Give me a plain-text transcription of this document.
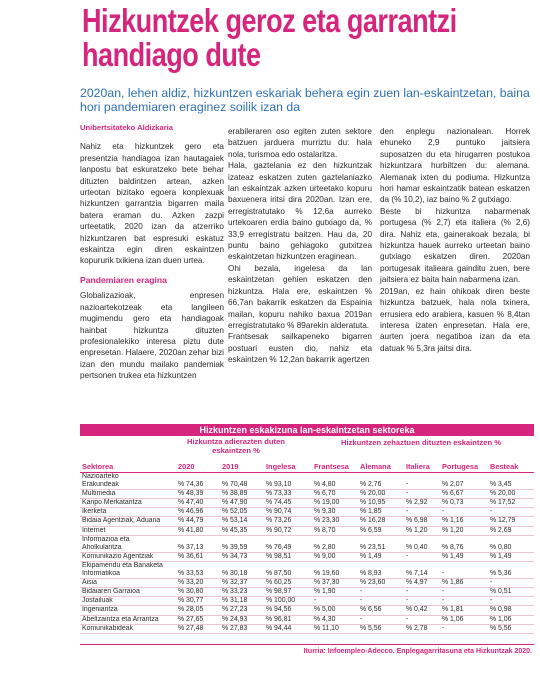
Hizkuntzek geroz eta garrantzi
handiago dute
2020an, lehen aldiz, hizkuntzen eskariak behera egin zuen lan-eskaintzetan, baina hori pandemiaren eraginez soilik izan da

Unibertsitateko Aldizkaria

Nahiz eta hizkuntzek gero eta presentzia handiagoa izan hautagaiek lanpostu bat eskuratzeko bete behar dituzten baldintzen artean, azken urteotan bizitako egoera konplexuak hizkuntzen garrantzia bigarren maila batera eraman du. Azken zazpi urteetatik, 2020 izan da atzerriko hizkuntzaren bat espresuki eskatuz eskaintza egin diren eskaintzen kopururik txikiena izan duen urtea.

Pandemiaren eragina

Globalizazioak, enpresen nazioartekotzeak eta langileen mugimendu gero eta handiagoak hainbat hizkuntza dituzten profesionalekiko interesa piztu dute enpresetan. Halaere, 2020an zehar bizi izan den mundu mailako pandemiak pertsonen trukea eta hizkuntzen

erabileraren oso egiten zuten sektore batzuen jarduera murriztu du: hala nola, turismoa edo ostalaritza.

Hala, gaztelania ez den hizkuntzak izateaz eskatzen zuten gaztelaniazko lan eskaintzak azken urteetako kopuru baxuenera iritsi dira 2020an. Izan ere, erregistratutako % 12,6a aurreko urtekoaren erdia baino gutxiago da, % 33,9 erregistratu baitzen. Hau da, 20 puntu baino gehiagoko gutxitzea eskaintzetan hizkuntzen eraginean.

Ohi bezala, ingelesa da lan eskaintzetan gehien eskatzen den hizkuntza. Hala ere, eskaintzen % 66,7an bakarrik eskatzen da Espainia mailan, kopuru nahiko baxua 2019an erregistratutako % 89arekin alderatuta.

Frantsesak sailkapeneko bigarren postuari eusten dio, nahiz eta eskaintzen % 12,2an bakarrik agertzen

den enplegu nazionalean. Horrek ehuneko 2,9 puntuko jaitsiera suposatzen du eta hirugarren postukoa hizkuntzara hurbiltzen du: alemana. Alemanak ixten du podiuma. Hizkuntza hori hamar eskaintzatik batean eskatzen da (% 10,2), iaz baino % 2 gutxiago.

Beste bi hizkuntza nabarmenak portugesa (% 2,7) eta italiera (% 2,6) dira. Nahiz eta, gainerakoak bezala, bi hizkuntza hauek aurreko urteetan baino gutxiago eskatzen diren. 2020an portugesak italieara gainditu zuen, bere jaitsiera ez baita hain nabarmena izan.

2019an, ez hain ohikoak diren beste hizkuntza batzuek, hala nola txinera, errusiera edo arabiera, kasuen % 8,4tan interesa izaten enpresetan. Hala ere, aurten joera negatiboa izan da eta datuak % 5,3ra jaitsi dira.

Hizkuntzen eskakizuna lan-eskaintzetan sektoreka
Hizkuntza adierazten duten eskaintzen %
Hizkuntzen zehaztuen dituzten eskaintzen %
Sektorea	2020	2019	Ingelesa	Frantsesa	Alemana	Italiera	Portugesa	Besteak
Nazioarteko								
Erakundeak	% 74,36	% 70,48	% 93,10	% 4,80	% 2,76	-	% 2,07	% 3,45
Multimedia	% 48,39	% 38,89	% 73,33	% 6,70	% 20,00	-	% 6,67	% 20,00
Kanpo Merkataritza	% 47,40	% 47,90	% 74,45	% 19,00	% 10,95	% 2,92	% 0,73	% 17,52
Ikerketa	% 46,96	% 52,05	% 90,74	% 9,30	% 1,85	-	-	-
Bidaia Agentziak, Aduana	% 44,79	% 53,14	% 73,26	% 23,30	% 16,28	% 6,98	% 1,16	% 12,79
Internet	% 41,80	% 45,35	% 90,72	% 8,70	% 6,59	% 1,20	% 1,20	% 2,69
Informazioa eta								
Aholkularitza	% 37,13	% 39,59	% 76,49	% 2,80	% 23,51	% 0,40	% 8,76	% 0,80
Komunikazio Agentziak	% 36,61	% 34,73	% 98,51	% 9,00	% 1,49	-	% 1,49	% 1,49
Ekipamendu eta Banaketa								
Informatikoa	% 33,53	% 30,18	% 87,50	% 19,60	% 8,93	% 7,14	-	% 5,36
Aisia	% 33,20	% 32,37	% 60,25	% 37,30	% 23,60	% 4,97	% 1,86	-
Bidaiaren Garraioa	% 30,80	% 33,23	% 98,97	% 1,90	-	-	-	% 0,51
Jostailuak	% 30,77	% 31,18	% 100,00	-	-	-	-	-
Ingeniaritza	% 28,05	% 27,23	% 94,56	% 5,00	% 6,56	% 0,42	% 1,81	% 0,98
Abeltzaintza eta Arrantza	% 27,65	% 24,93	% 96,81	% 4,30	-	-	% 1,06	% 1,06
Komunikabideak	% 27,48	% 27,83	% 94,44	% 11,10	% 5,56	% 2,78	-	% 5,56
Iturria: Infoempleo-Adecco. Enplegagarritasuna eta Hizkuntzak 2020.
